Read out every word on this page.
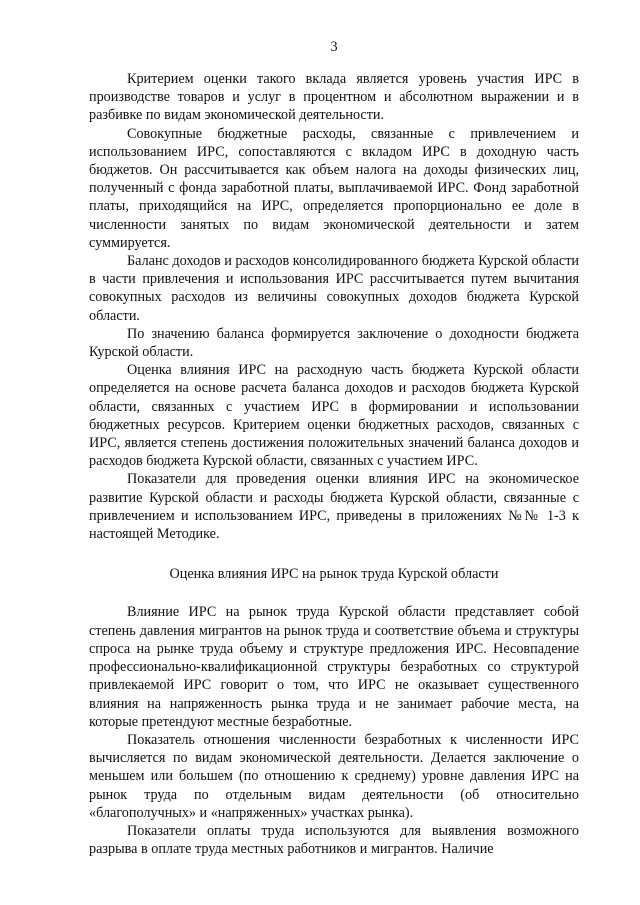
3

Критерием оценки такого вклада является уровень участия ИРС в производстве товаров и услуг в процентном и абсолютном выражении и в разбивке по видам экономической деятельности.

Совокупные бюджетные расходы, связанные с привлечением и использованием ИРС, сопоставляются с вкладом ИРС в доходную часть бюджетов. Он рассчитывается как объем налога на доходы физических лиц, полученный с фонда заработной платы, выплачиваемой ИРС. Фонд заработной платы, приходящийся на ИРС, определяется пропорционально ее доле в численности занятых по видам экономической деятельности и затем суммируется.

Баланс доходов и расходов консолидированного бюджета Курской области в части привлечения и использования ИРС рассчитывается путем вычитания совокупных расходов из величины совокупных доходов бюджета Курской области.

По значению баланса формируется заключение о доходности бюджета Курской области.

Оценка влияния ИРС на расходную часть бюджета Курской области определяется на основе расчета баланса доходов и расходов бюджета Курской области, связанных с участием ИРС в формировании и использовании бюджетных ресурсов. Критерием оценки бюджетных расходов, связанных с ИРС, является степень достижения положительных значений баланса доходов и расходов бюджета Курской области, связанных с участием ИРС.

Показатели для проведения оценки влияния ИРС на экономическое развитие Курской области и расходы бюджета Курской области, связанные с привлечением и использованием ИРС, приведены в приложениях №№ 1-3 к настоящей Методике.

Оценка влияния ИРС на рынок труда Курской области

Влияние ИРС на рынок труда Курской области представляет собой степень давления мигрантов на рынок труда и соответствие объема и структуры спроса на рынке труда объему и структуре предложения ИРС. Несовпадение профессионально-квалификационной структуры безработных со структурой привлекаемой ИРС говорит о том, что ИРС не оказывает существенного влияния на напряженность рынка труда и не занимает рабочие места, на которые претендуют местные безработные.

Показатель отношения численности безработных к численности ИРС вычисляется по видам экономической деятельности. Делается заключение о меньшем или большем (по отношению к среднему) уровне давления ИРС на рынок труда по отдельным видам деятельности (об относительно «благополучных» и «напряженных» участках рынка).

Показатели оплаты труда используются для выявления возможного разрыва в оплате труда местных работников и мигрантов. Наличие
